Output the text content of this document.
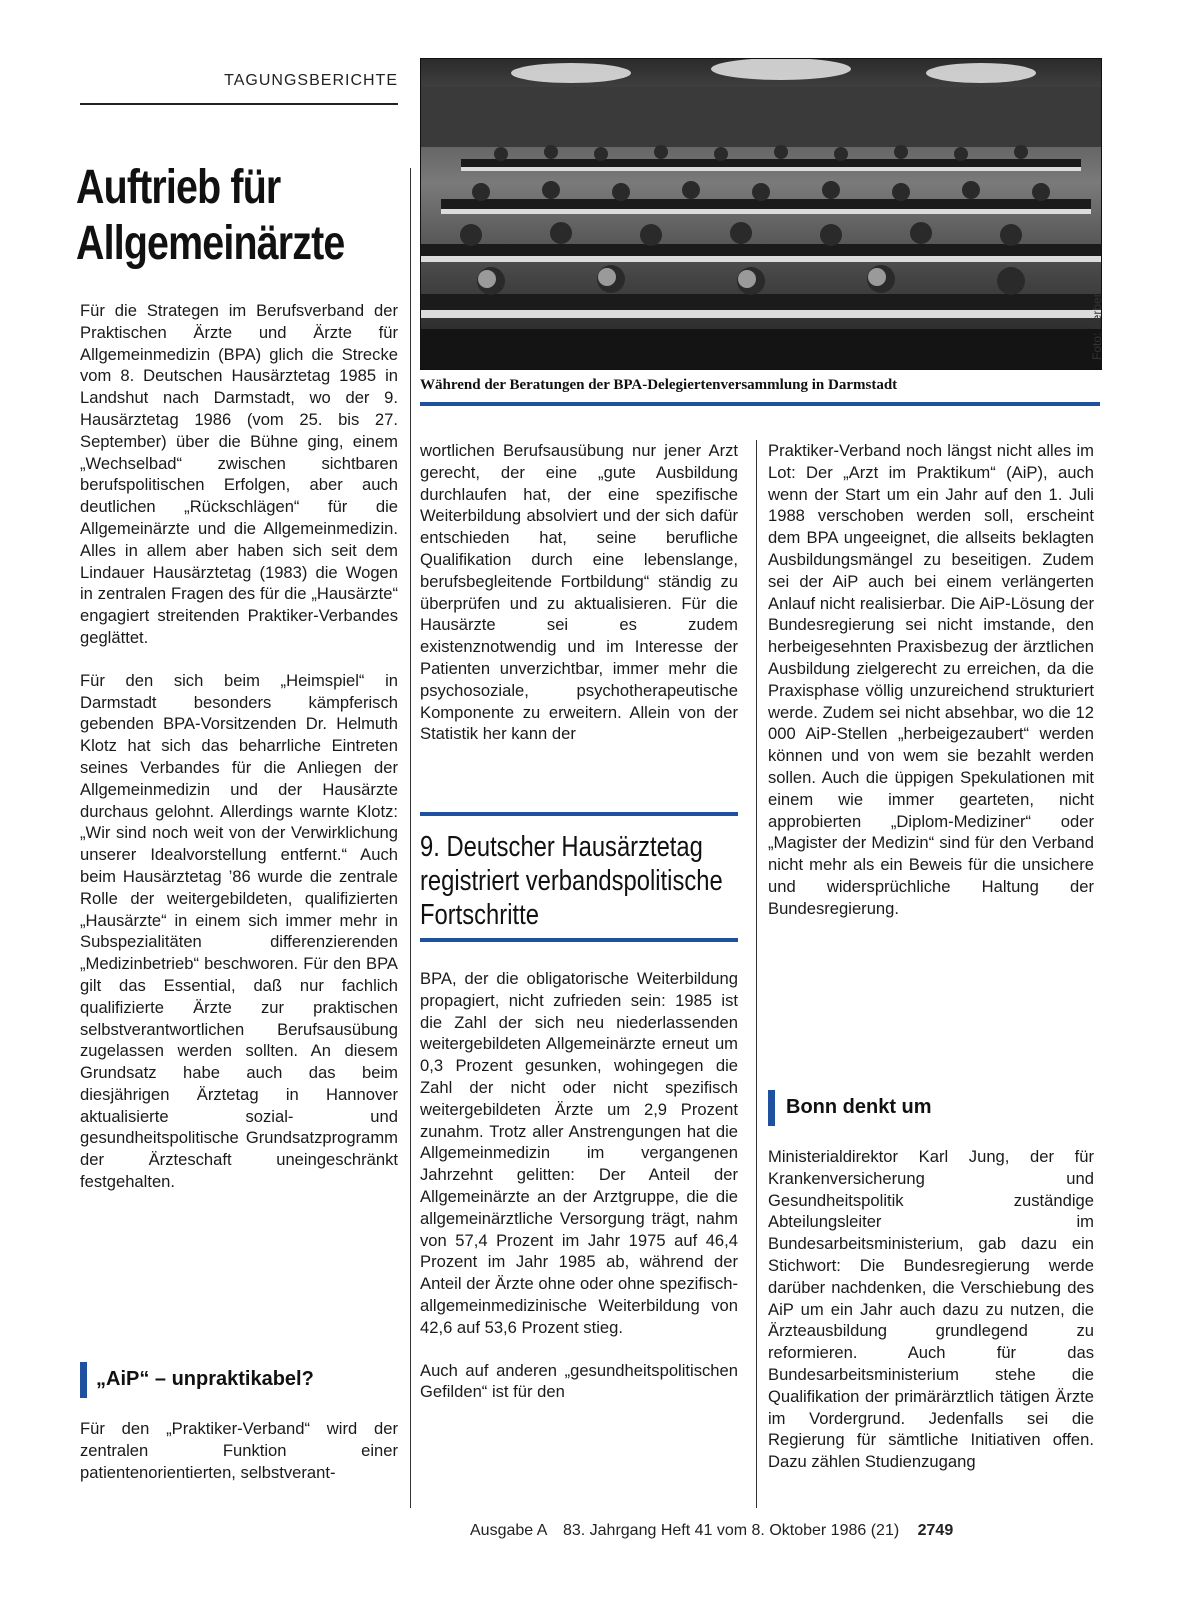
TAGUNGSBERICHTE
Auftrieb für
Allgemeinärzte
Foto: Kerber
Während der Beratungen der BPA-Delegiertenversammlung in Darmstadt

Für die Strategen im Berufsverband der Praktischen Ärzte und Ärzte für Allgemeinmedizin (BPA) glich die Strecke vom 8. Deutschen Hausärztetag 1985 in Landshut nach Darmstadt, wo der 9. Hausärztetag 1986 (vom 25. bis 27. September) über die Bühne ging, einem „Wechselbad“ zwischen sichtbaren berufspolitischen Erfolgen, aber auch deutlichen „Rückschlägen“ für die Allgemeinärzte und die Allgemeinmedizin. Alles in allem aber haben sich seit dem Lindauer Hausärztetag (1983) die Wogen in zentralen Fragen des für die „Hausärzte“ engagiert streitenden Praktiker-Verbandes geglättet.

Für den sich beim „Heimspiel“ in Darmstadt besonders kämpferisch gebenden BPA-Vorsitzenden Dr. Helmuth Klotz hat sich das beharrliche Eintreten seines Verbandes für die Anliegen der Allgemeinmedizin und der Hausärzte durchaus gelohnt. Allerdings warnte Klotz: „Wir sind noch weit von der Verwirklichung unserer Idealvorstellung entfernt.“ Auch beim Hausärztetag ’86 wurde die zentrale Rolle der weitergebildeten, qualifizierten „Hausärzte“ in einem sich immer mehr in Subspezialitäten differenzierenden „Medizinbetrieb“ beschworen. Für den BPA gilt das Essential, daß nur fachlich qualifizierte Ärzte zur praktischen selbstverantwortlichen Berufsausübung zugelassen werden sollten. An diesem Grundsatz habe auch das beim diesjährigen Ärztetag in Hannover aktualisierte sozial- und gesundheitspolitische Grundsatzprogramm der Ärzteschaft uneingeschränkt festgehalten.

„AiP“ – unpraktikabel?

Für den „Praktiker-Verband“ wird der zentralen Funktion einer patientenorientierten, selbstverant-

wortlichen Berufsausübung nur jener Arzt gerecht, der eine „gute Ausbildung durchlaufen hat, der eine spezifische Weiterbildung absolviert und der sich dafür entschieden hat, seine berufliche Qualifikation durch eine lebenslange, berufsbegleitende Fortbildung“ ständig zu überprüfen und zu aktualisieren. Für die Hausärzte sei es zudem existenznotwendig und im Interesse der Patienten unverzichtbar, immer mehr die psychosoziale, psychotherapeutische Komponente zu erweitern. Allein von der Statistik her kann der

9. Deutscher Hausärztetag
registriert verbandspolitische
Fortschritte

BPA, der die obligatorische Weiterbildung propagiert, nicht zufrieden sein: 1985 ist die Zahl der sich neu niederlassenden weitergebildeten Allgemeinärzte erneut um 0,3 Prozent gesunken, wohingegen die Zahl der nicht oder nicht spezifisch weitergebildeten Ärzte um 2,9 Prozent zunahm. Trotz aller Anstrengungen hat die Allgemeinmedizin im vergangenen Jahrzehnt gelitten: Der Anteil der Allgemeinärzte an der Arztgruppe, die die allgemeinärztliche Versorgung trägt, nahm von 57,4 Prozent im Jahr 1975 auf 46,4 Prozent im Jahr 1985 ab, während der Anteil der Ärzte ohne oder ohne spezifisch-allgemeinmedizinische Weiterbildung von 42,6 auf 53,6 Prozent stieg.

Auch auf anderen „gesundheitspolitischen Gefilden“ ist für den

Praktiker-Verband noch längst nicht alles im Lot: Der „Arzt im Praktikum“ (AiP), auch wenn der Start um ein Jahr auf den 1. Juli 1988 verschoben werden soll, erscheint dem BPA ungeeignet, die allseits beklagten Ausbildungsmängel zu beseitigen. Zudem sei der AiP auch bei einem verlängerten Anlauf nicht realisierbar. Die AiP-Lösung der Bundesregierung sei nicht imstande, den herbeigesehnten Praxisbezug der ärztlichen Ausbildung zielgerecht zu erreichen, da die Praxisphase völlig unzureichend strukturiert werde. Zudem sei nicht absehbar, wo die 12 000 AiP-Stellen „herbeigezaubert“ werden können und von wem sie bezahlt werden sollen. Auch die üppigen Spekulationen mit einem wie immer gearteten, nicht approbierten „Diplom-Mediziner“ oder „Magister der Medizin“ sind für den Verband nicht mehr als ein Beweis für die unsichere und widersprüchliche Haltung der Bundesregierung.

Bonn denkt um

Ministerialdirektor Karl Jung, der für Krankenversicherung und Gesundheitspolitik zuständige Abteilungsleiter im Bundesarbeitsministerium, gab dazu ein Stichwort: Die Bundesregierung werde darüber nachdenken, die Verschiebung des AiP um ein Jahr auch dazu zu nutzen, die Ärzteausbildung grundlegend zu reformieren. Auch für das Bundesarbeitsministerium stehe die Qualifikation der primärärztlich tätigen Ärzte im Vordergrund. Jedenfalls sei die Regierung für sämtliche Initiativen offen. Dazu zählen Studienzugang

Ausgabe A 83. Jahrgang Heft 41 vom 8. Oktober 1986 (21) 2749
